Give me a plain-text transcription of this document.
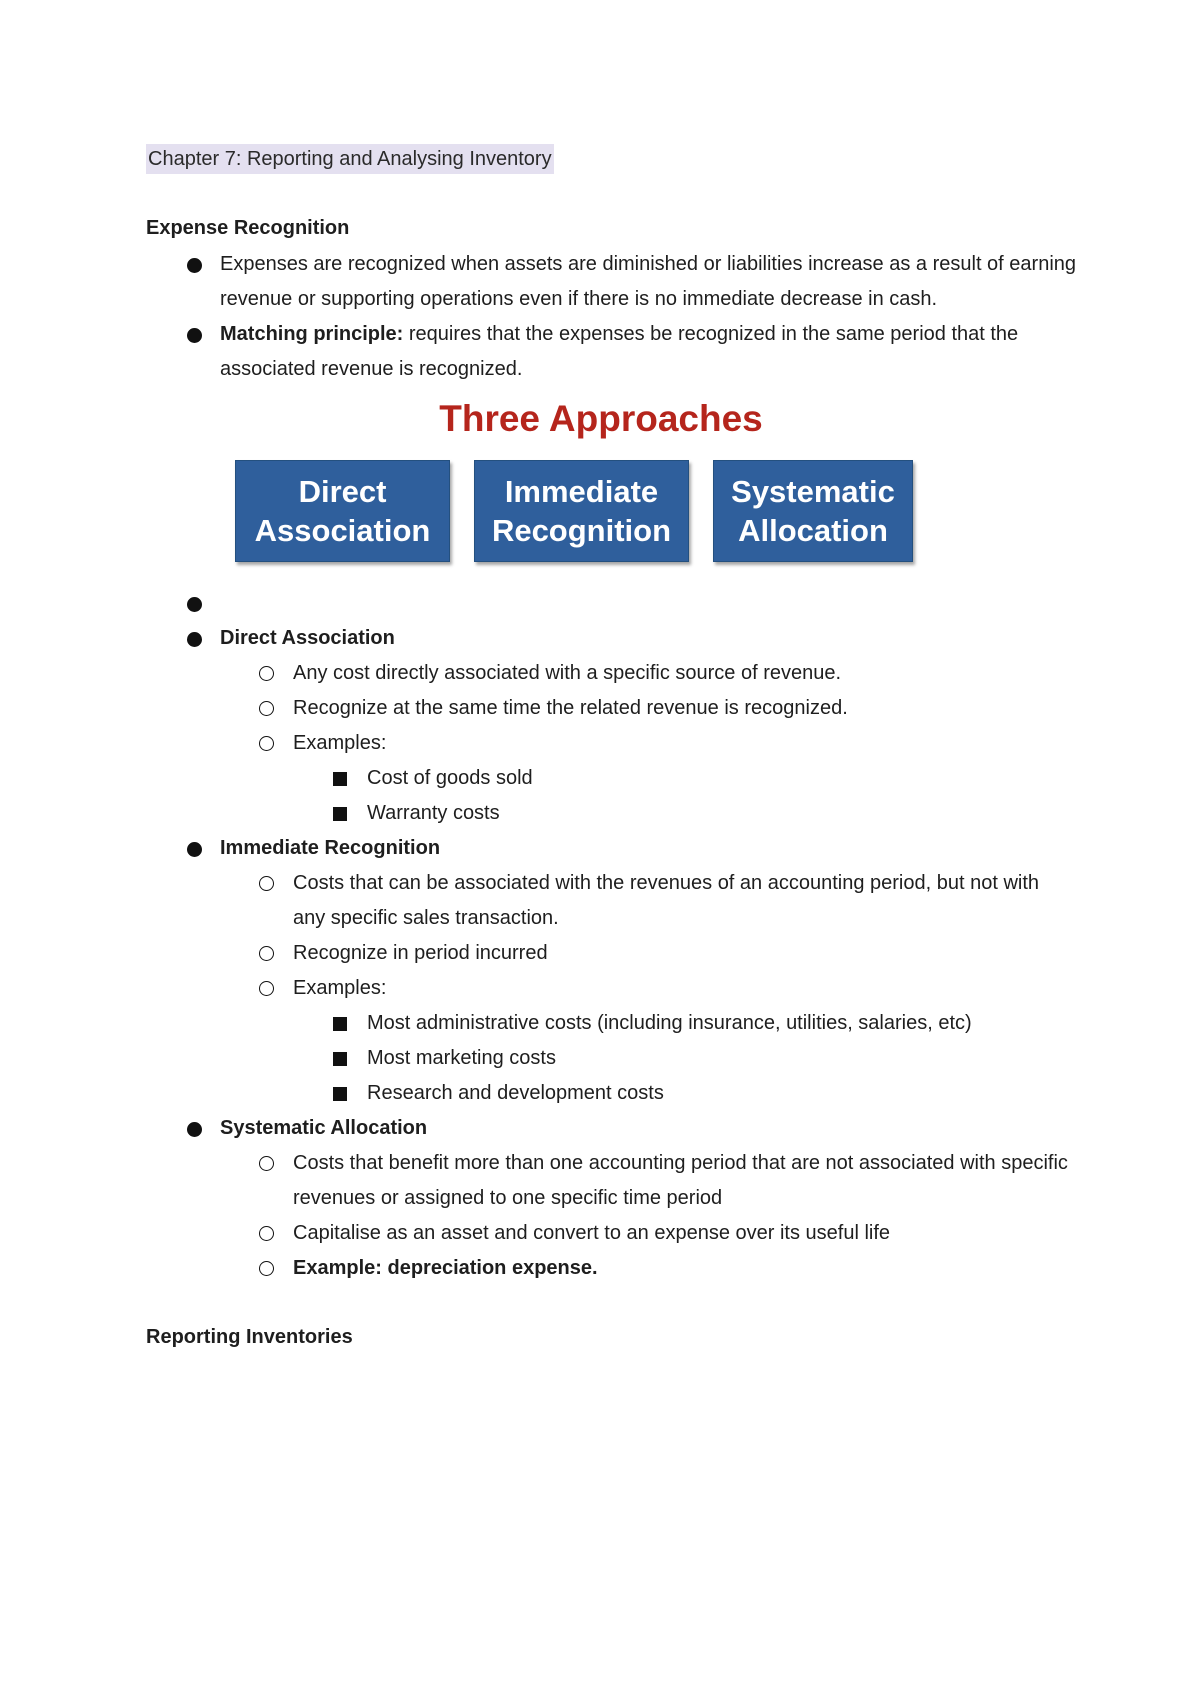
Chapter 7: Reporting and Analysing Inventory

Expense Recognition

Expenses are recognized when assets are diminished or liabilities increase as a result of earning revenue or supporting operations even if there is no immediate decrease in cash.
Matching principle: requires that the expenses be recognized in the same period that the associated revenue is recognized.
Three Approaches
Direct
Association
Immediate
Recognition
Systematic
Allocation
Direct Association
Any cost directly associated with a specific source of revenue.
Recognize at the same time the related revenue is recognized.
Examples:
Cost of goods sold
Warranty costs
Immediate Recognition
Costs that can be associated with the revenues of an accounting period, but not with any specific sales transaction.
Recognize in period incurred
Examples:
Most administrative costs (including insurance, utilities, salaries, etc)
Most marketing costs
Research and development costs
Systematic Allocation
Costs that benefit more than one accounting period that are not associated with specific revenues or assigned to one specific time period
Capitalise as an asset and convert to an expense over its useful life
Example: depreciation expense.

Reporting Inventories
